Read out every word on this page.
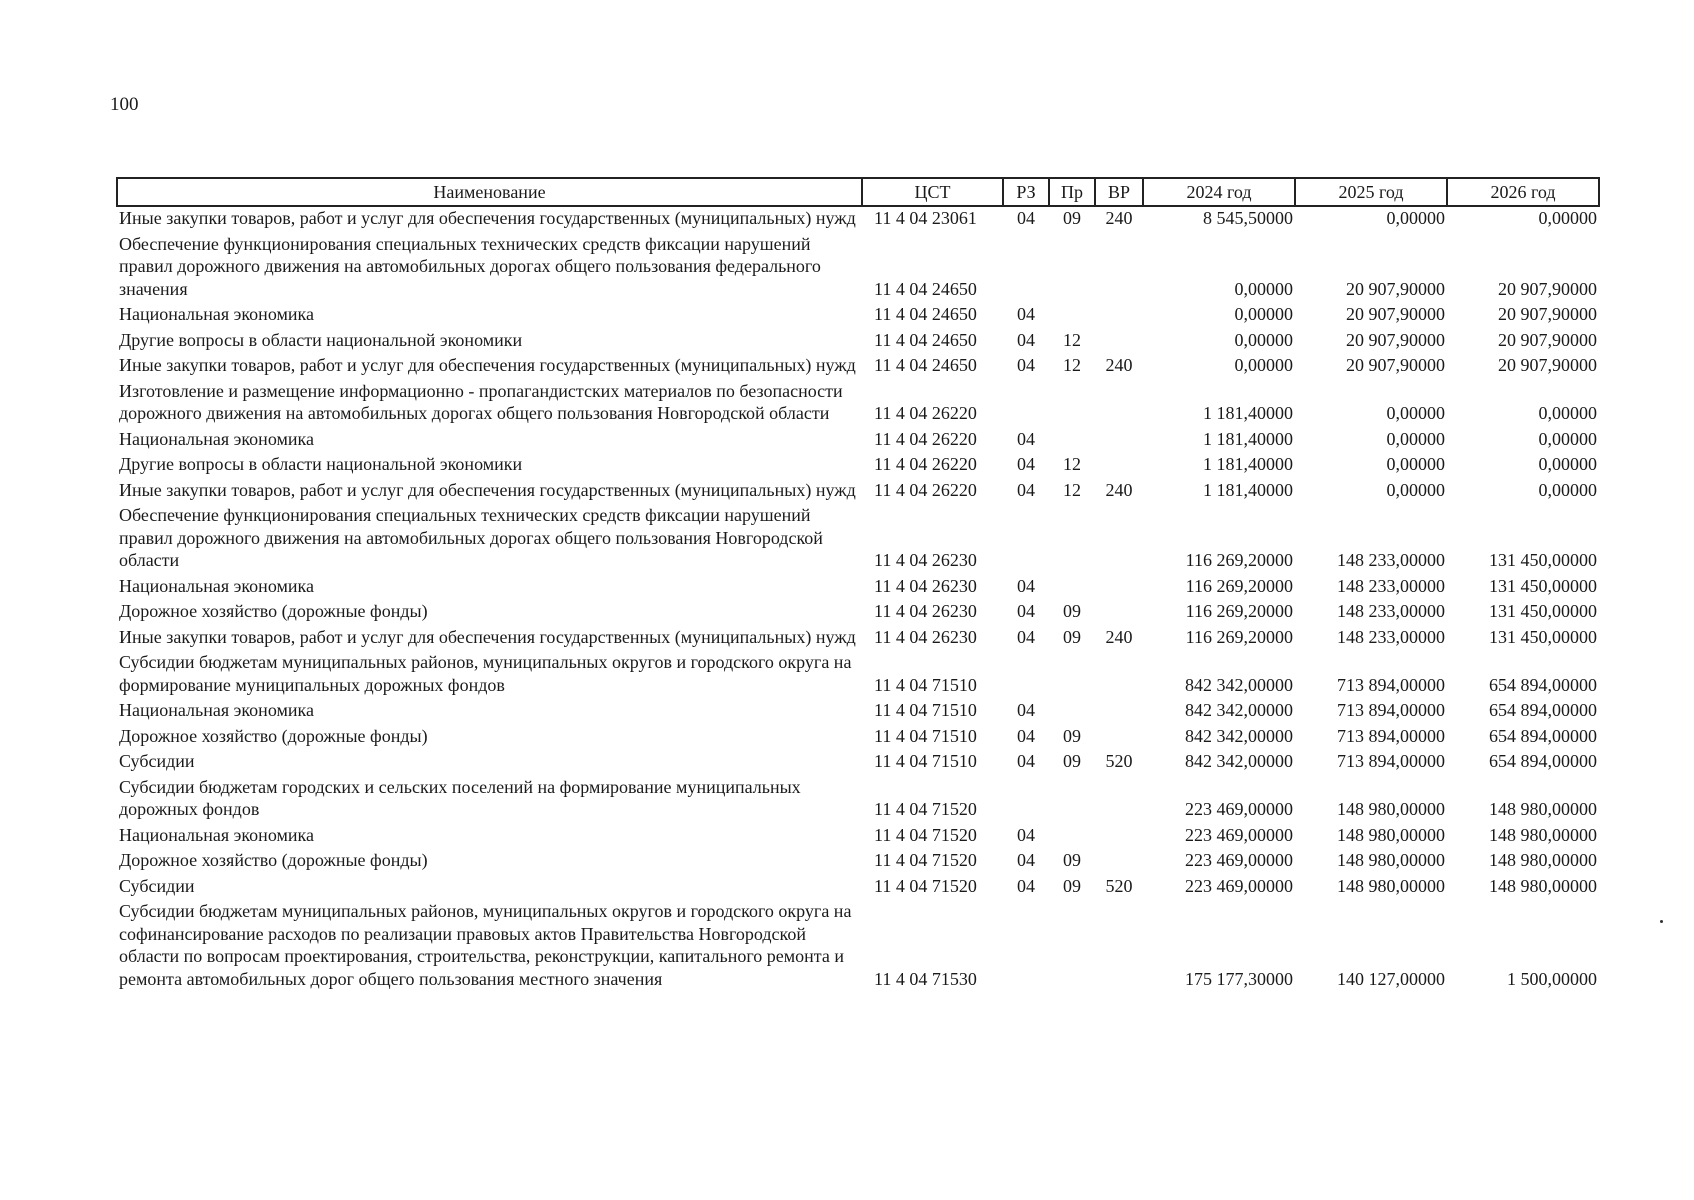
100
Наименование	ЦСТ	РЗ	Пр	ВР	2024 год	2025 год	2026 год
Иные закупки товаров, работ и услуг для обеспечения государственных (муниципальных) нужд	11 4 04 23061	04	09	240	8 545,50000	0,00000	0,00000
Обеспечение функционирования специальных технических средств фиксации нарушений правил дорожного движения на автомобильных дорогах общего пользования федерального значения	11 4 04 24650				0,00000	20 907,90000	20 907,90000
Национальная экономика	11 4 04 24650	04			0,00000	20 907,90000	20 907,90000
Другие вопросы в области национальной экономики	11 4 04 24650	04	12		0,00000	20 907,90000	20 907,90000
Иные закупки товаров, работ и услуг для обеспечения государственных (муниципальных) нужд	11 4 04 24650	04	12	240	0,00000	20 907,90000	20 907,90000
Изготовление и размещение информационно - пропагандистских материалов по безопасности дорожного движения на автомобильных дорогах общего пользования Новгородской области	11 4 04 26220				1 181,40000	0,00000	0,00000
Национальная экономика	11 4 04 26220	04			1 181,40000	0,00000	0,00000
Другие вопросы в области национальной экономики	11 4 04 26220	04	12		1 181,40000	0,00000	0,00000
Иные закупки товаров, работ и услуг для обеспечения государственных (муниципальных) нужд	11 4 04 26220	04	12	240	1 181,40000	0,00000	0,00000
Обеспечение функционирования специальных технических средств фиксации нарушений правил дорожного движения на автомобильных дорогах общего пользования Новгородской области	11 4 04 26230				116 269,20000	148 233,00000	131 450,00000
Национальная экономика	11 4 04 26230	04			116 269,20000	148 233,00000	131 450,00000
Дорожное хозяйство (дорожные фонды)	11 4 04 26230	04	09		116 269,20000	148 233,00000	131 450,00000
Иные закупки товаров, работ и услуг для обеспечения государственных (муниципальных) нужд	11 4 04 26230	04	09	240	116 269,20000	148 233,00000	131 450,00000
Субсидии бюджетам муниципальных районов, муниципальных округов и городского округа на формирование муниципальных дорожных фондов	11 4 04 71510				842 342,00000	713 894,00000	654 894,00000
Национальная экономика	11 4 04 71510	04			842 342,00000	713 894,00000	654 894,00000
Дорожное хозяйство (дорожные фонды)	11 4 04 71510	04	09		842 342,00000	713 894,00000	654 894,00000
Субсидии	11 4 04 71510	04	09	520	842 342,00000	713 894,00000	654 894,00000
Субсидии бюджетам городских и сельских поселений на формирование муниципальных дорожных фондов	11 4 04 71520				223 469,00000	148 980,00000	148 980,00000
Национальная экономика	11 4 04 71520	04			223 469,00000	148 980,00000	148 980,00000
Дорожное хозяйство (дорожные фонды)	11 4 04 71520	04	09		223 469,00000	148 980,00000	148 980,00000
Субсидии	11 4 04 71520	04	09	520	223 469,00000	148 980,00000	148 980,00000
Субсидии бюджетам муниципальных районов, муниципальных округов и городского округа на софинансирование расходов по реализации правовых актов Правительства Новгородской области по вопросам проектирования, строительства, реконструкции, капитального ремонта и ремонта автомобильных дорог общего пользования местного значения	11 4 04 71530				175 177,30000	140 127,00000	1 500,00000
